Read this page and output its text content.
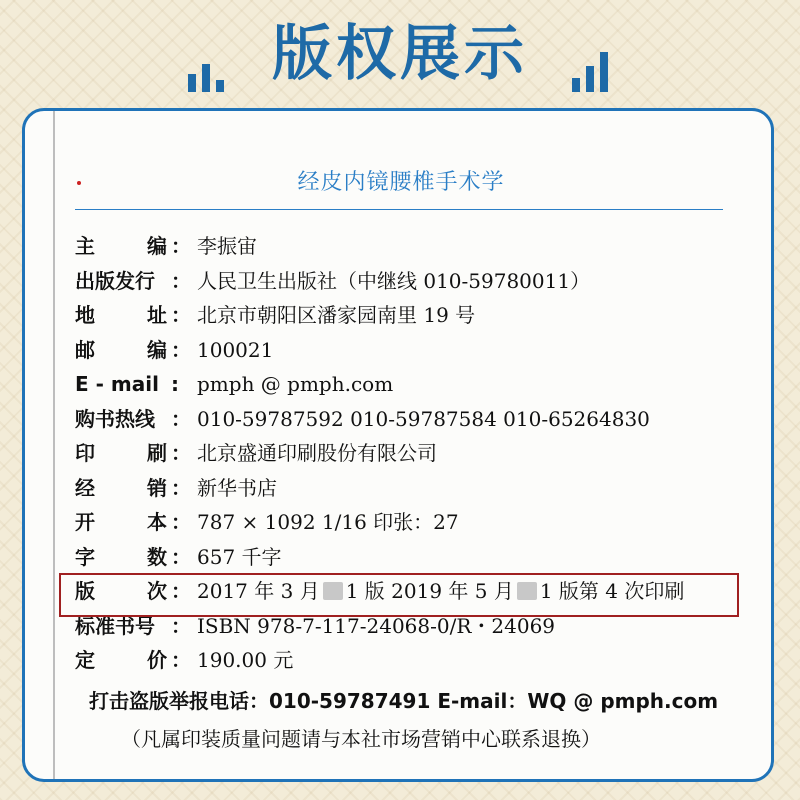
版权展示
经皮内镜腰椎手术学
主	编 ： 李振宙
出版发行 ： 人民卫生出版社（中继线 010-59780011）
地	址 ： 北京市朝阳区潘家园南里 19 号
邮	编 ： 100021
E - mail : pmph @ pmph.com
购书热线 ： 010-59787592 010-59787584 010-65264830
印	刷 ： 北京盛通印刷股份有限公司
经	销 ： 新华书店
开	本 ： 787 × 1092 1/16 印张：27
字	数 ： 657 千字
版	次 ： 2017 年 3 月 1 版 2019 年 5 月 1 版第 4 次印刷
标准书号 ： ISBN 978-7-117-24068-0/R・24069
定	价 ： 190.00 元
打击盗版举报电话：010-59787491 E-mail：WQ @ pmph.com
（凡属印装质量问题请与本社市场营销中心联系退换）
